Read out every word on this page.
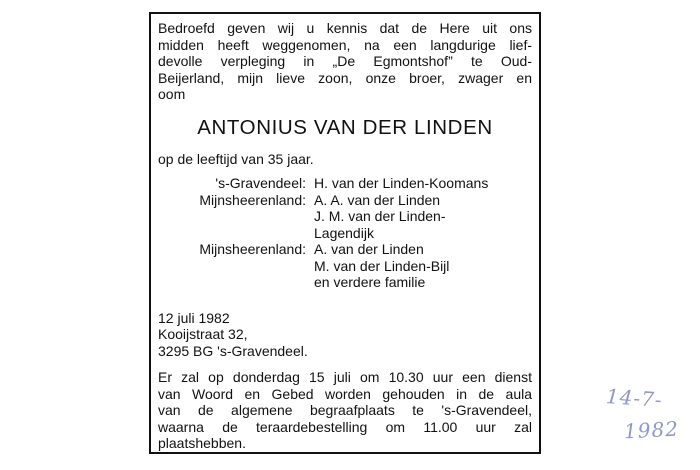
Bedroefd geven wij u kennis dat de Here uit ons

midden heeft weggenomen, na een langdurige lief-

devolle verpleging in „De Egmontshof” te Oud-

Beijerland, mijn lieve zoon, onze broer, zwager en

oom

ANTONIUS VAN DER LINDEN

op de leeftijd van 35 jaar.

's-Gravendeel: H. van der Linden-Koomans
Mijnsheerenland: A. A. van der Linden
J. M. van der Linden-
Lagendijk
Mijnsheerenland: A. van der Linden
M. van der Linden-Bijl
en verdere familie
12 juli 1982
Kooijstraat 32,
3295 BG 's-Gravendeel.

Er zal op donderdag 15 juli om 10.30 uur een dienst

van Woord en Gebed worden gehouden in de aula

van de algemene begraafplaats te 's-Gravendeel,

waarna de teraardebestelling om 11.00 uur zal

plaatshebben.

14-7-
1982
